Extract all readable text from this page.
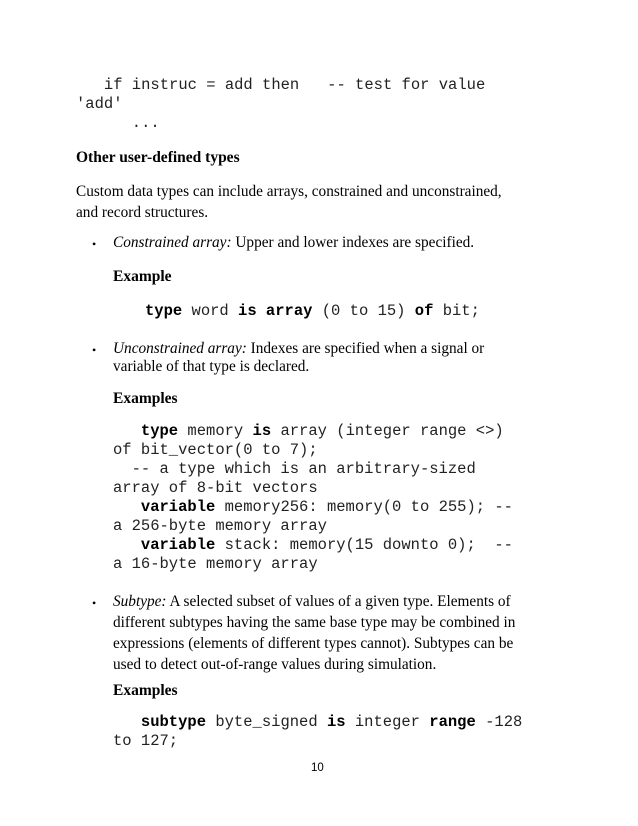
if instruc = add then   -- test for value
'add'
...
Other user-defined types
Custom data types can include arrays, constrained and unconstrained,
and record structures.
• Constrained array: Upper and lower indexes are specified.
Example
type word is array (0 to 15) of bit;
• Unconstrained array: Indexes are specified when a signal or
variable of that type is declared.
Examples
type memory is array (integer range <>)
of bit_vector(0 to 7);
-- a type which is an arbitrary-sized
array of 8-bit vectors
variable memory256: memory(0 to 255); --
a 256-byte memory array
variable stack: memory(15 downto 0);  --
a 16-byte memory array
• Subtype: A selected subset of values of a given type. Elements of
different subtypes having the same base type may be combined in
expressions (elements of different types cannot). Subtypes can be
used to detect out-of-range values during simulation.
Examples
subtype byte_signed is integer range -128
to 127;
10
